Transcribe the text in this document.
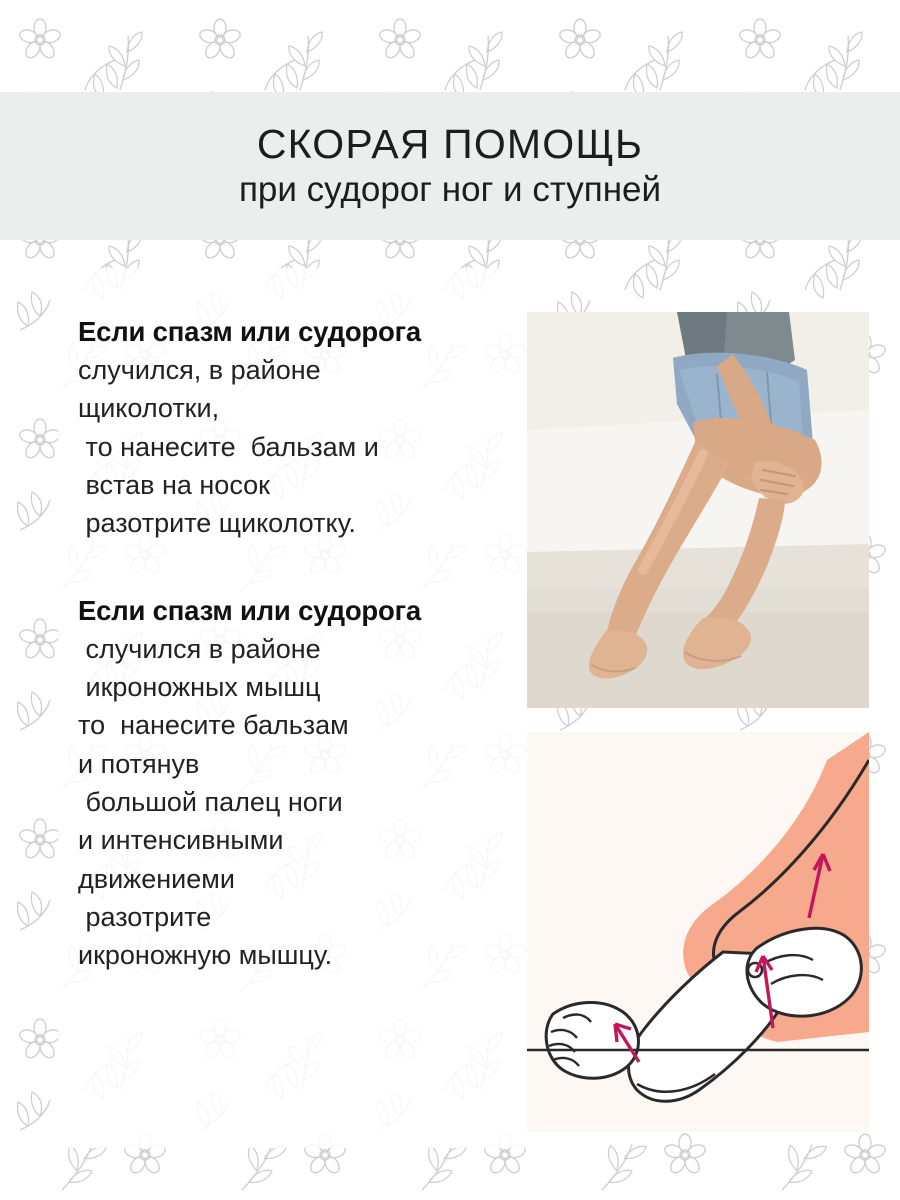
СКОРАЯ ПОМОЩЬ
при судорог ног и ступней

Если спазм или судорога
случился, в районе
щиколотки,
то нанесите  бальзам и
встав на носок
разотрите щиколотку.

Если спазм или судорога
случился в районе
икроножных мышц
то  нанесите бальзам
и потянув
большой палец ноги
и интенсивными
движениеми
разотрите
икроножную мышцу.
